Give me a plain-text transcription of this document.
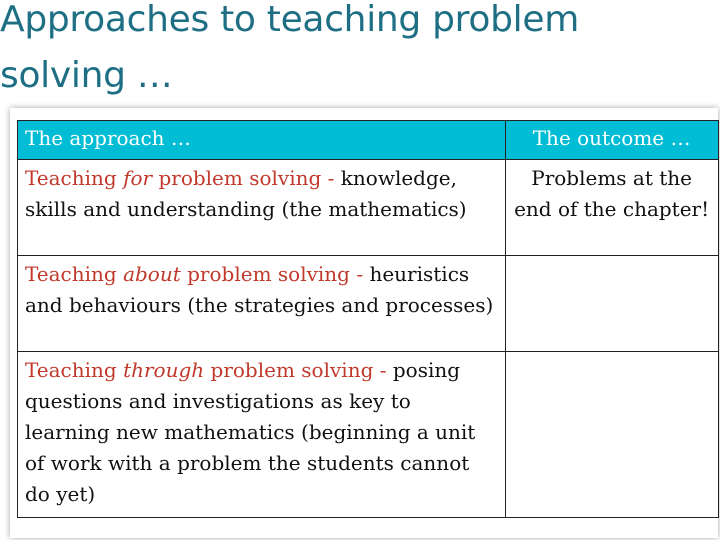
Approaches to teaching problem solving …
The approach …	The outcome …
Teaching for problem solving - knowledge, skills and understanding (the mathematics)	Problems at the end of the chapter!
Teaching about problem solving - heuristics and behaviours (the strategies and processes)	
Teaching through problem solving - posing questions and investigations as key to learning new mathematics (beginning a unit of work with a problem the students cannot do yet)	
